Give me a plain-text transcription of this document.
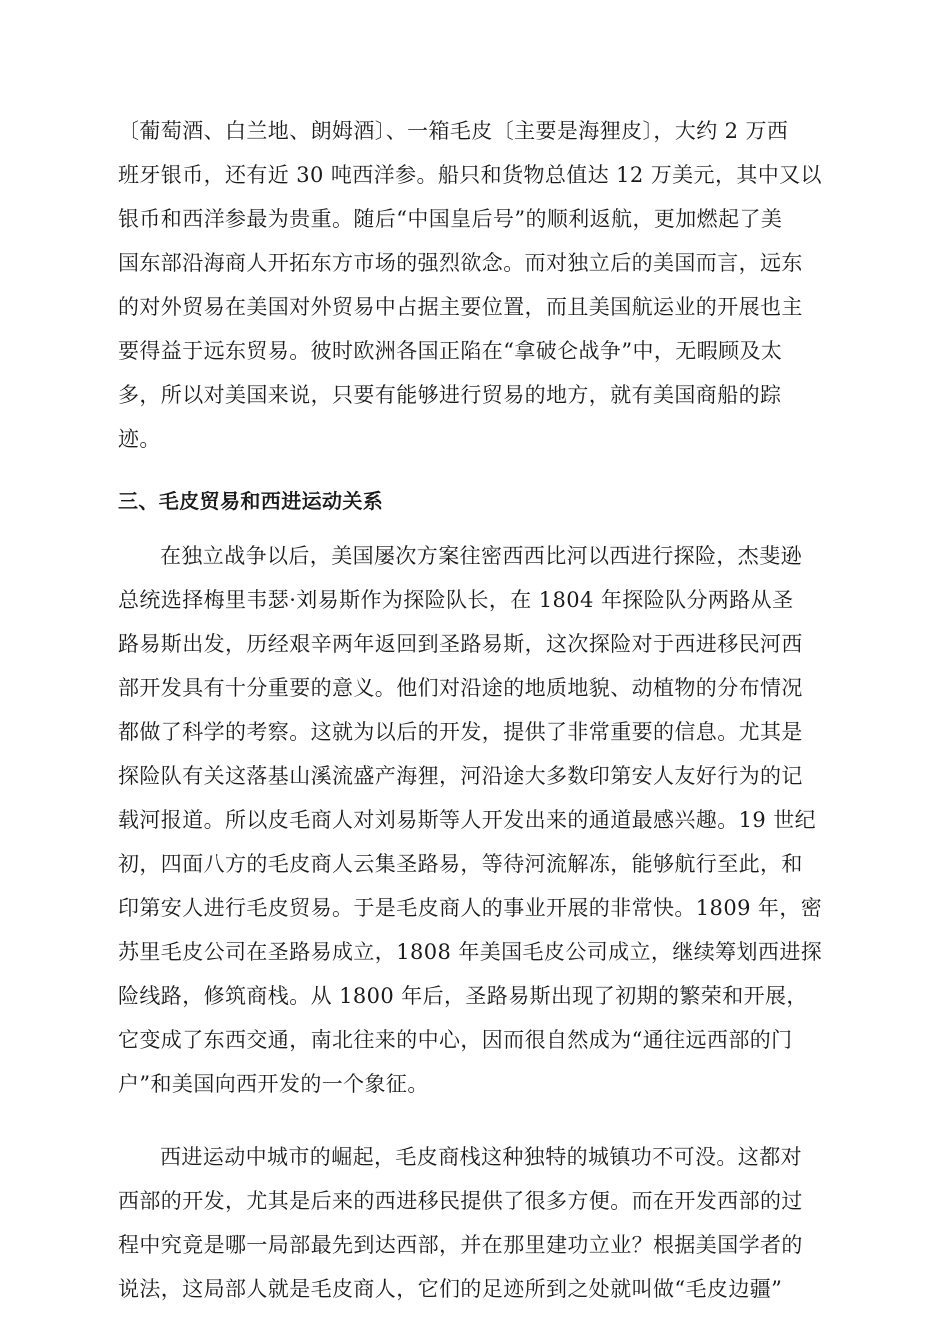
〔葡萄酒、白兰地、朗姆酒〕、一箱毛皮〔主要是海狸皮〕，大约 2 万西
班牙银币，还有近 30 吨西洋参。船只和货物总值达 12 万美元，其中又以
银币和西洋参最为贵重。随后“中国皇后号”的顺利返航，更加燃起了美
国东部沿海商人开拓东方市场的强烈欲念。而对独立后的美国而言，远东
的对外贸易在美国对外贸易中占据主要位置，而且美国航运业的开展也主
要得益于远东贸易。彼时欧洲各国正陷在“拿破仑战争”中，无暇顾及太
多，所以对美国来说，只要有能够进行贸易的地方，就有美国商船的踪
迹。
三、毛皮贸易和西进运动关系
在独立战争以后，美国屡次方案往密西西比河以西进行探险，杰斐逊
总统选择梅里韦瑟·刘易斯作为探险队长，在 1804 年探险队分两路从圣
路易斯出发，历经艰辛两年返回到圣路易斯，这次探险对于西进移民河西
部开发具有十分重要的意义。他们对沿途的地质地貌、动植物的分布情况
都做了科学的考察。这就为以后的开发，提供了非常重要的信息。尤其是
探险队有关这落基山溪流盛产海狸，河沿途大多数印第安人友好行为的记
载河报道。所以皮毛商人对刘易斯等人开发出来的通道最感兴趣。19 世纪
初，四面八方的毛皮商人云集圣路易，等待河流解冻，能够航行至此，和
印第安人进行毛皮贸易。于是毛皮商人的事业开展的非常快。1809 年，密
苏里毛皮公司在圣路易成立，1808 年美国毛皮公司成立，继续筹划西进探
险线路，修筑商栈。从 1800 年后，圣路易斯出现了初期的繁荣和开展，
它变成了东西交通，南北往来的中心，因而很自然成为“通往远西部的门
户”和美国向西开发的一个象征。
西进运动中城市的崛起，毛皮商栈这种独特的城镇功不可没。这都对
西部的开发，尤其是后来的西进移民提供了很多方便。而在开发西部的过
程中究竟是哪一局部最先到达西部，并在那里建功立业？根据美国学者的
说法，这局部人就是毛皮商人，它们的足迹所到之处就叫做“毛皮边疆”
